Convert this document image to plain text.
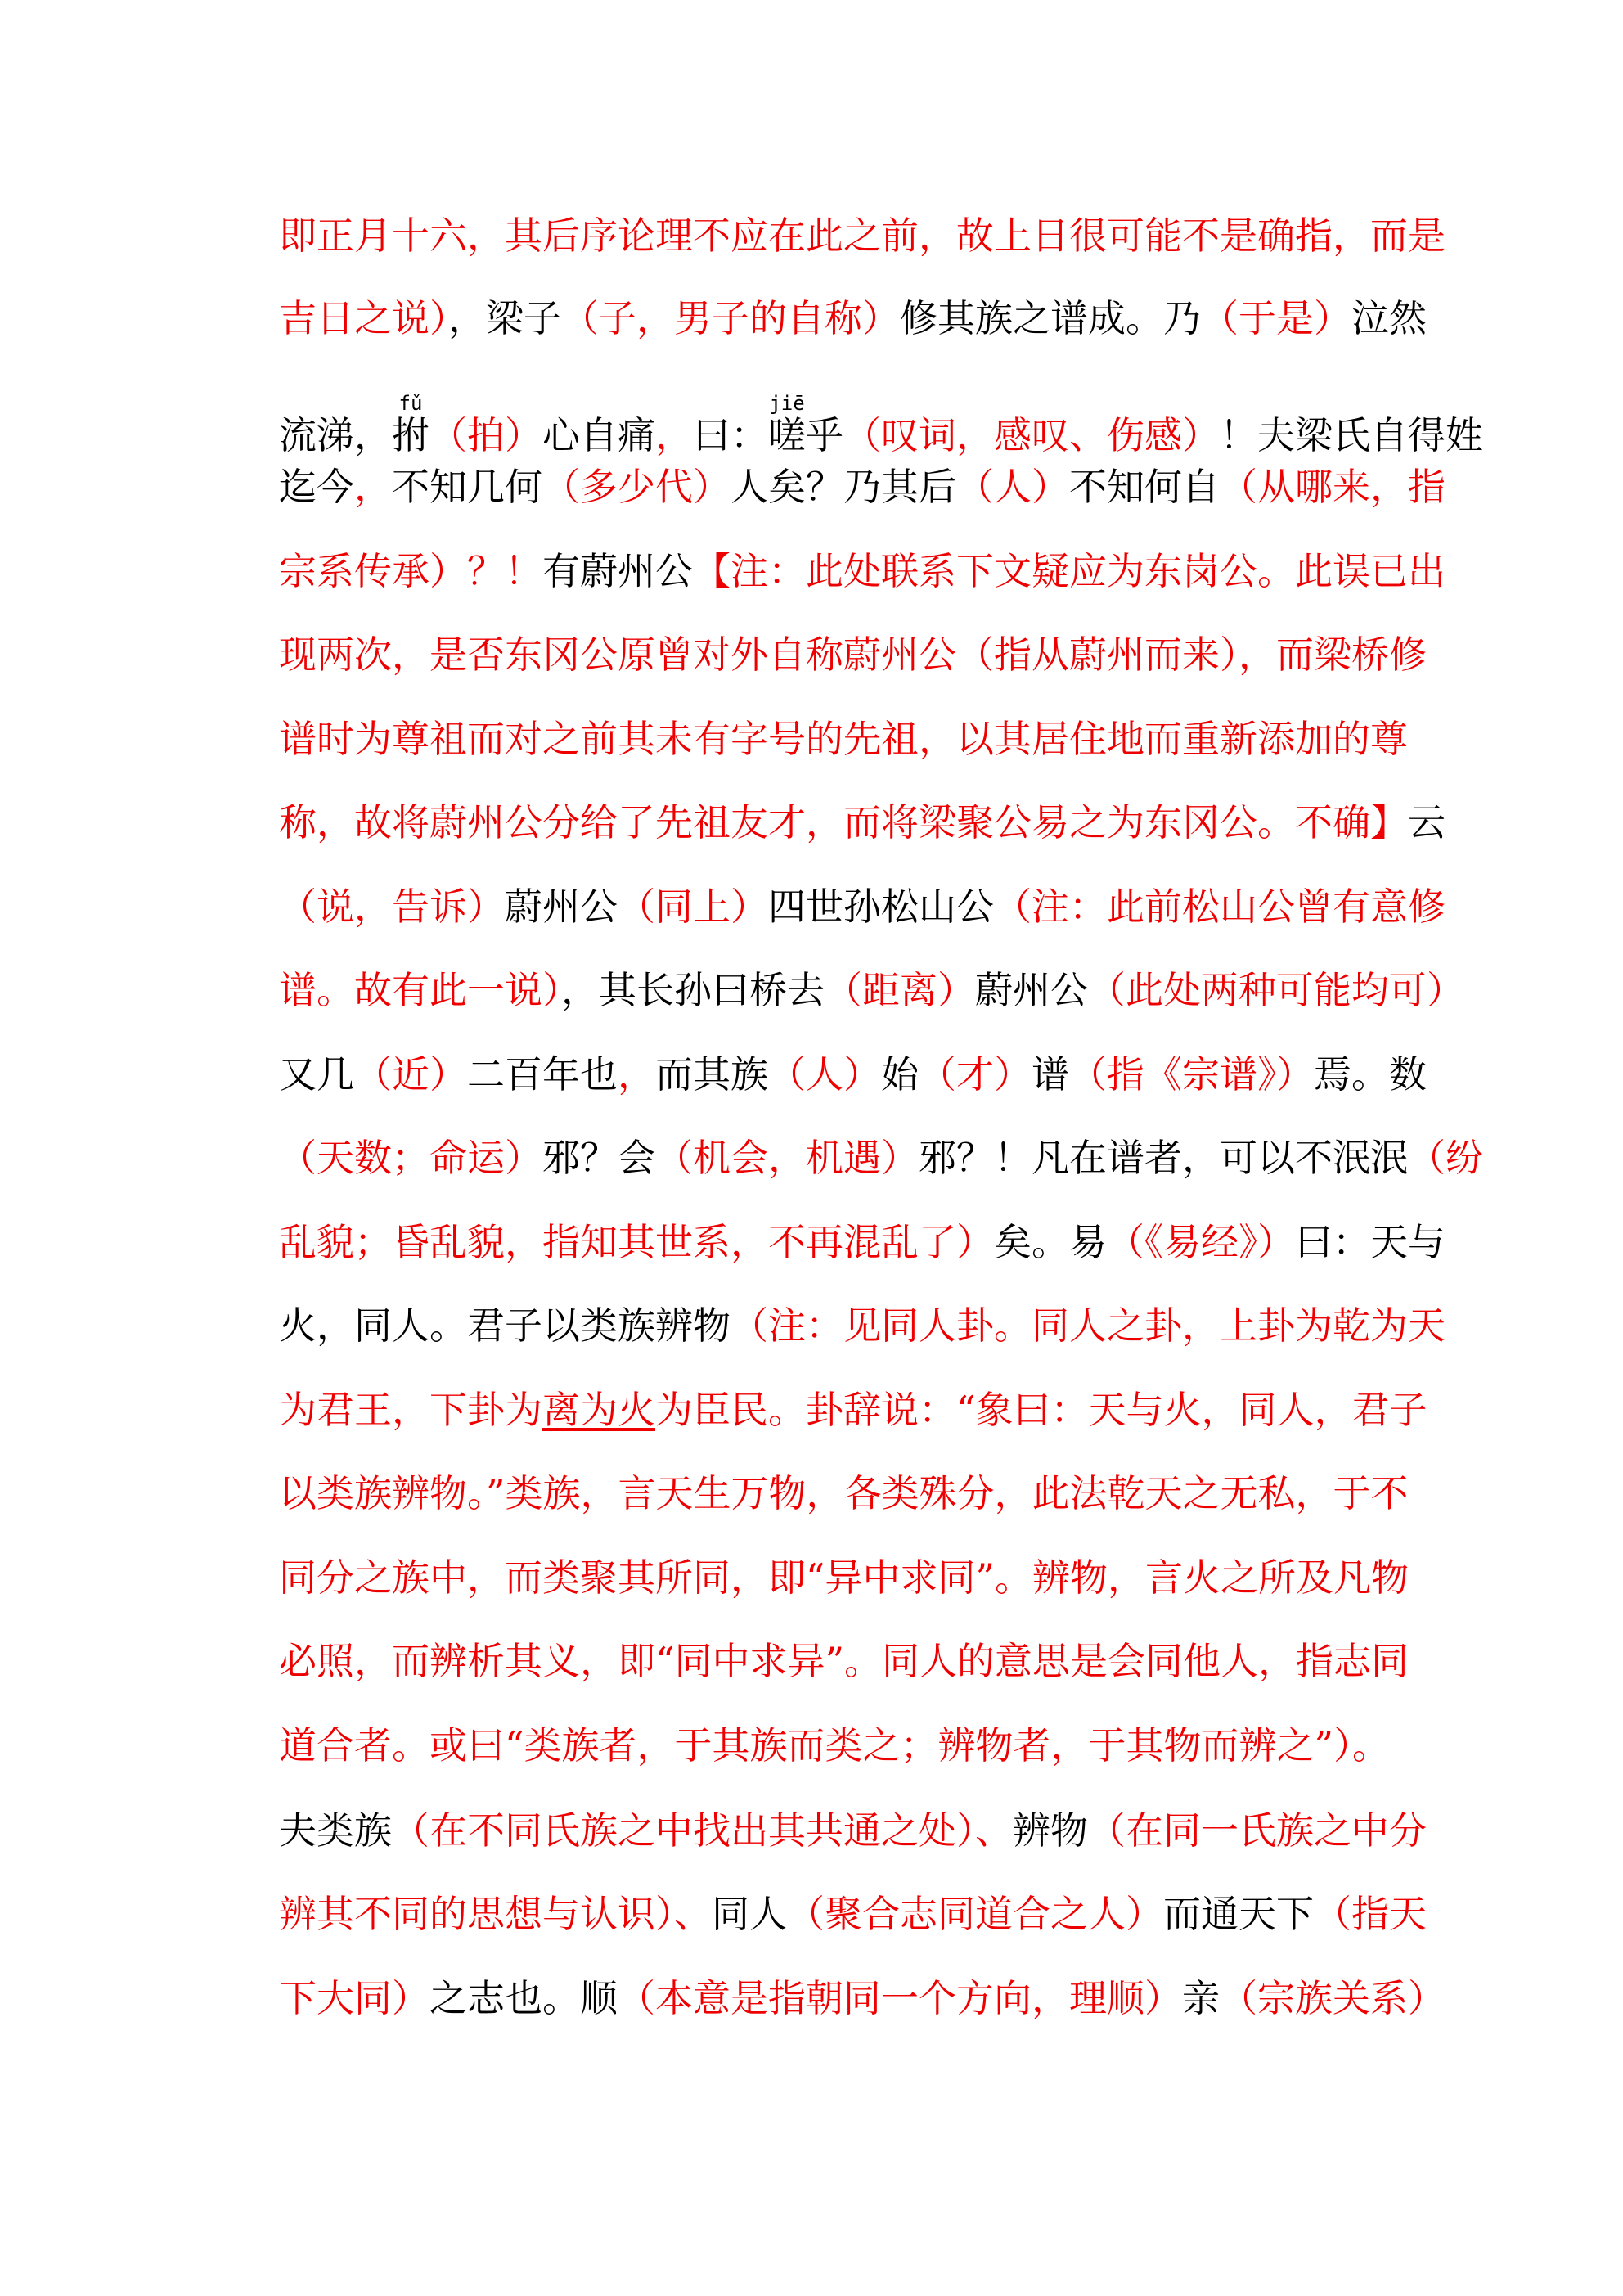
即正月十六，其后序论理不应在此之前，故上日很可能不是确指，而是
吉日之说），梁子（子，男子的自称）修其族之谱成。乃（于是）泣然
流涕，拊fǔ（拍）心自痛，曰：嗟jiē乎（叹词，感叹、伤感）！夫梁氏自得姓
迄今，不知几何（多少代）人矣？乃其后（人）不知何自（从哪来，指
宗系传承）？！有蔚州公【注：此处联系下文疑应为东岗公。此误已出
现两次，是否东冈公原曾对外自称蔚州公（指从蔚州而来），而梁桥修
谱时为尊祖而对之前其未有字号的先祖，以其居住地而重新添加的尊
称，故将蔚州公分给了先祖友才，而将梁聚公易之为东冈公。不确】云
（说，告诉）蔚州公（同上）四世孙松山公（注：此前松山公曾有意修
谱。故有此一说），其长孙曰桥去（距离）蔚州公（此处两种可能均可）
又几（近）二百年也，而其族（人）始（才）谱（指《宗谱》）焉。数
（天数；命运）邪？会（机会，机遇）邪？！凡在谱者，可以不泯泯（纷
乱貌；昏乱貌，指知其世系，不再混乱了）矣。易（《易经》）曰：天与
火，同人。君子以类族辨物（注：见同人卦。同人之卦，上卦为乾为天
为君王，下卦为离为火为臣民。卦辞说：“象曰：天与火，同人，君子
以类族辨物。”类族，言天生万物，各类殊分，此法乾天之无私，于不
同分之族中，而类聚其所同，即“异中求同”。辨物，言火之所及凡物
必照，而辨析其义，即“同中求异”。同人的意思是会同他人，指志同
道合者。或曰“类族者，于其族而类之；辨物者，于其物而辨之”）。
夫类族（在不同氏族之中找出其共通之处）、辨物（在同一氏族之中分
辨其不同的思想与认识）、同人（聚合志同道合之人）而通天下（指天
下大同）之志也。顺（本意是指朝同一个方向，理顺）亲（宗族关系）
